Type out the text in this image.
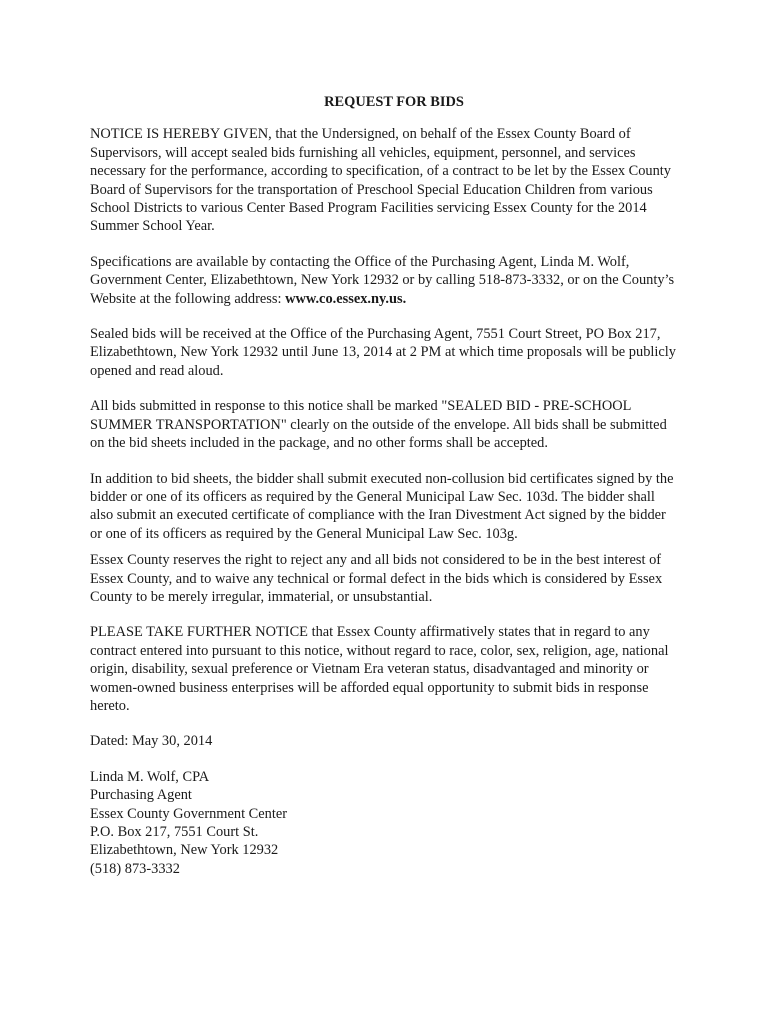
REQUEST FOR BIDS

NOTICE IS HEREBY GIVEN, that the Undersigned, on behalf of the Essex County Board of Supervisors, will accept sealed bids furnishing all vehicles, equipment, personnel, and services necessary for the performance, according to specification, of a contract to be let by the Essex County Board of Supervisors for the transportation of Preschool Special Education Children from various School Districts to various Center Based Program Facilities servicing Essex County for the 2014 Summer School Year.

Specifications are available by contacting the Office of the Purchasing Agent, Linda M. Wolf, Government Center, Elizabethtown, New York 12932 or by calling 518-873-3332, or on the County’s Website at the following address: www.co.essex.ny.us.

Sealed bids will be received at the Office of the Purchasing Agent, 7551 Court Street, PO Box 217, Elizabethtown, New York 12932 until June 13, 2014 at 2 PM at which time proposals will be publicly opened and read aloud.

All bids submitted in response to this notice shall be marked "SEALED BID - PRE-SCHOOL SUMMER TRANSPORTATION" clearly on the outside of the envelope. All bids shall be submitted on the bid sheets included in the package, and no other forms shall be accepted.

In addition to bid sheets, the bidder shall submit executed non-collusion bid certificates signed by the bidder or one of its officers as required by the General Municipal Law Sec. 103d. The bidder shall also submit an executed certificate of compliance with the Iran Divestment Act signed by the bidder or one of its officers as required by the General Municipal Law Sec. 103g.

Essex County reserves the right to reject any and all bids not considered to be in the best interest of Essex County, and to waive any technical or formal defect in the bids which is considered by Essex County to be merely irregular, immaterial, or unsubstantial.

PLEASE TAKE FURTHER NOTICE that Essex County affirmatively states that in regard to any contract entered into pursuant to this notice, without regard to race, color, sex, religion, age, national origin, disability, sexual preference or Vietnam Era veteran status, disadvantaged and minority or women-owned business enterprises will be afforded equal opportunity to submit bids in response hereto.

Dated: May 30, 2014

Linda M. Wolf, CPA
Purchasing Agent
Essex County Government Center
P.O. Box 217, 7551 Court St.
Elizabethtown, New York 12932
(518) 873-3332
